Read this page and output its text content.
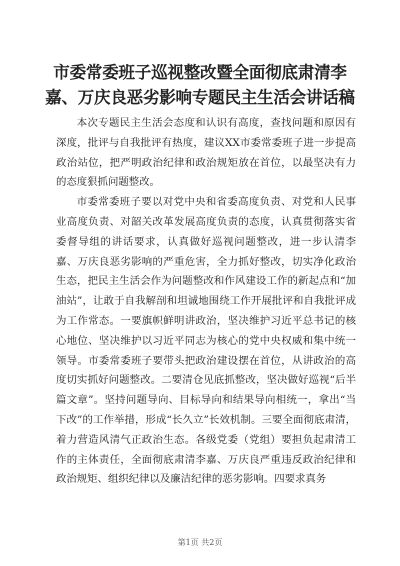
市委常委班子巡视整改暨全面彻底肃清李嘉、万庆良恶劣影响专题民主生活会讲话稿

本次专题民主生活会态度和认识有高度，查找问题和原因有深度，批评与自我批评有热度，建议XX市委常委班子进一步提高政治站位，把严明政治纪律和政治规矩放在首位，以最坚决有力的态度狠抓问题整改。

市委常委班子要以对党中央和省委高度负责、对党和人民事业高度负责、对韶关改革发展高度负责的态度，认真贯彻落实省委督导组的讲话要求，认真做好巡视问题整改，进一步认清李嘉、万庆良恶劣影响的严重危害，全力抓好整改，切实净化政治生态，把民主生活会作为问题整改和作风建设工作的新起点和“加油站”，让敢于自我解剖和坦诚地围绕工作开展批评和自我批评成为工作常态。一要旗帜鲜明讲政治，坚决维护习近平总书记的核心地位、坚决维护以习近平同志为核心的党中央权威和集中统一领导。市委常委班子要带头把政治建设摆在首位，从讲政治的高度切实抓好问题整改。二要清仓见底抓整改，坚决做好巡视“后半篇文章”。坚持问题导向、目标导向和结果导向相统一，拿出“当下改”的工作举措，形成“长久立”长效机制。三要全面彻底肃清，着力营造风清气正政治生态。各级党委（党组）要担负起肃清工作的主体责任，全面彻底肃清李嘉、万庆良严重违反政治纪律和政治规矩、组织纪律以及廉洁纪律的恶劣影响。四要求真务

第1页 共2页
